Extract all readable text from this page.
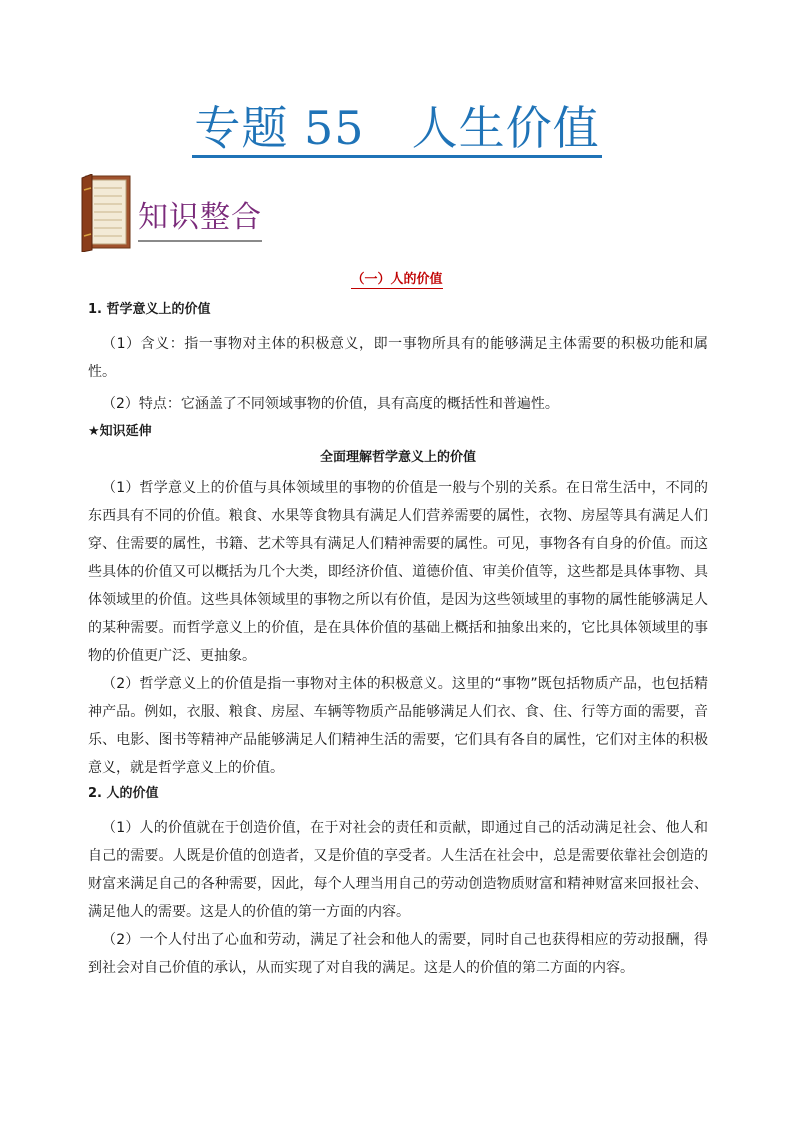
专题 55　人生价值
知识整合
（一）人的价值
1. 哲学意义上的价值

（1）含义：指一事物对主体的积极意义，即一事物所具有的能够满足主体需要的积极功能和属性。

（2）特点：它涵盖了不同领域事物的价值，具有高度的概括性和普遍性。

★知识延伸
全面理解哲学意义上的价值

（1）哲学意义上的价值与具体领域里的事物的价值是一般与个别的关系。在日常生活中，不同的东西具有不同的价值。粮食、水果等食物具有满足人们营养需要的属性，衣物、房屋等具有满足人们穿、住需要的属性，书籍、艺术等具有满足人们精神需要的属性。可见，事物各有自身的价值。而这些具体的价值又可以概括为几个大类，即经济价值、道德价值、审美价值等，这些都是具体事物、具体领域里的价值。这些具体领域里的事物之所以有价值，是因为这些领域里的事物的属性能够满足人的某种需要。而哲学意义上的价值，是在具体价值的基础上概括和抽象出来的，它比具体领域里的事物的价值更广泛、更抽象。

（2）哲学意义上的价值是指一事物对主体的积极意义。这里的“事物”既包括物质产品，也包括精神产品。例如，衣服、粮食、房屋、车辆等物质产品能够满足人们衣、食、住、行等方面的需要，音乐、电影、图书等精神产品能够满足人们精神生活的需要，它们具有各自的属性，它们对主体的积极意义，就是哲学意义上的价值。

2. 人的价值

（1）人的价值就在于创造价值，在于对社会的责任和贡献，即通过自己的活动满足社会、他人和自己的需要。人既是价值的创造者，又是价值的享受者。人生活在社会中，总是需要依靠社会创造的财富来满足自己的各种需要，因此，每个人理当用自己的劳动创造物质财富和精神财富来回报社会、满足他人的需要。这是人的价值的第一方面的内容。

（2）一个人付出了心血和劳动，满足了社会和他人的需要，同时自己也获得相应的劳动报酬，得到社会对自己价值的承认，从而实现了对自我的满足。这是人的价值的第二方面的内容。
